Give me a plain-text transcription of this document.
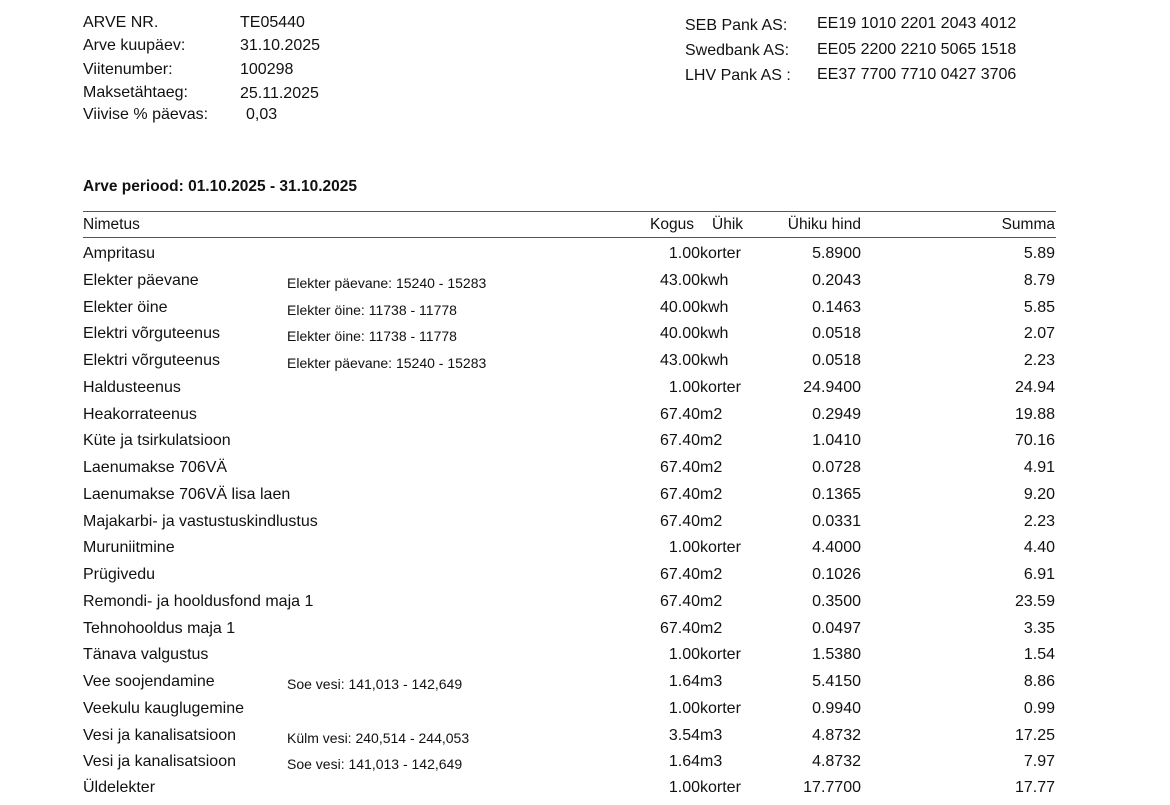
ARVE NR.	TE05440
Arve kuupäev:	31.10.2025
Viitenumber:	100298
Maksetähtaeg:	25.11.2025
Viivise % päevas: 0,03
SEB Pank AS: EE19 1010 2201 2043 4012
Swedbank AS: EE05 2200 2210 5065 1518
LHV Pank AS : EE37 7700 7710 0427 3706
Arve periood: 01.10.2025 - 31.10.2025
Nimetus	Kogus Ühik	Ühiku hind	Summa
Ampritasu	1.00 korter	5.8900	5.89
Elekter päevane	Elekter päevane: 15240 - 15283	43.00 kwh	0.2043	8.79
Elekter öine	Elekter öine: 11738 - 11778	40.00 kwh	0.1463	5.85
Elektri võrguteenus	Elekter öine: 11738 - 11778	40.00 kwh	0.0518	2.07
Elektri võrguteenus	Elekter päevane: 15240 - 15283	43.00 kwh	0.0518	2.23
Haldusteenus	1.00 korter	24.9400	24.94
Heakorrateenus	67.40 m2	0.2949	19.88
Küte ja tsirkulatsioon	67.40 m2	1.0410	70.16
Laenumakse 706VÄ	67.40 m2	0.0728	4.91
Laenumakse 706VÄ lisa laen	67.40 m2	0.1365	9.20
Majakarbi- ja vastustuskindlustus	67.40 m2	0.0331	2.23
Muruniitmine	1.00 korter	4.4000	4.40
Prügivedu	67.40 m2	0.1026	6.91
Remondi- ja hooldusfond maja 1	67.40 m2	0.3500	23.59
Tehnohooldus maja 1	67.40 m2	0.0497	3.35
Tänava valgustus	1.00 korter	1.5380	1.54
Vee soojendamine	Soe vesi: 141,013 - 142,649	1.64 m3	5.4150	8.86
Veekulu kauglugemine	1.00 korter	0.9940	0.99
Vesi ja kanalisatsioon	Külm vesi: 240,514 - 244,053	3.54 m3	4.8732	17.25
Vesi ja kanalisatsioon	Soe vesi: 141,013 - 142,649	1.64 m3	4.8732	7.97
Üldelekter	1.00 korter	17.7700	17.77
